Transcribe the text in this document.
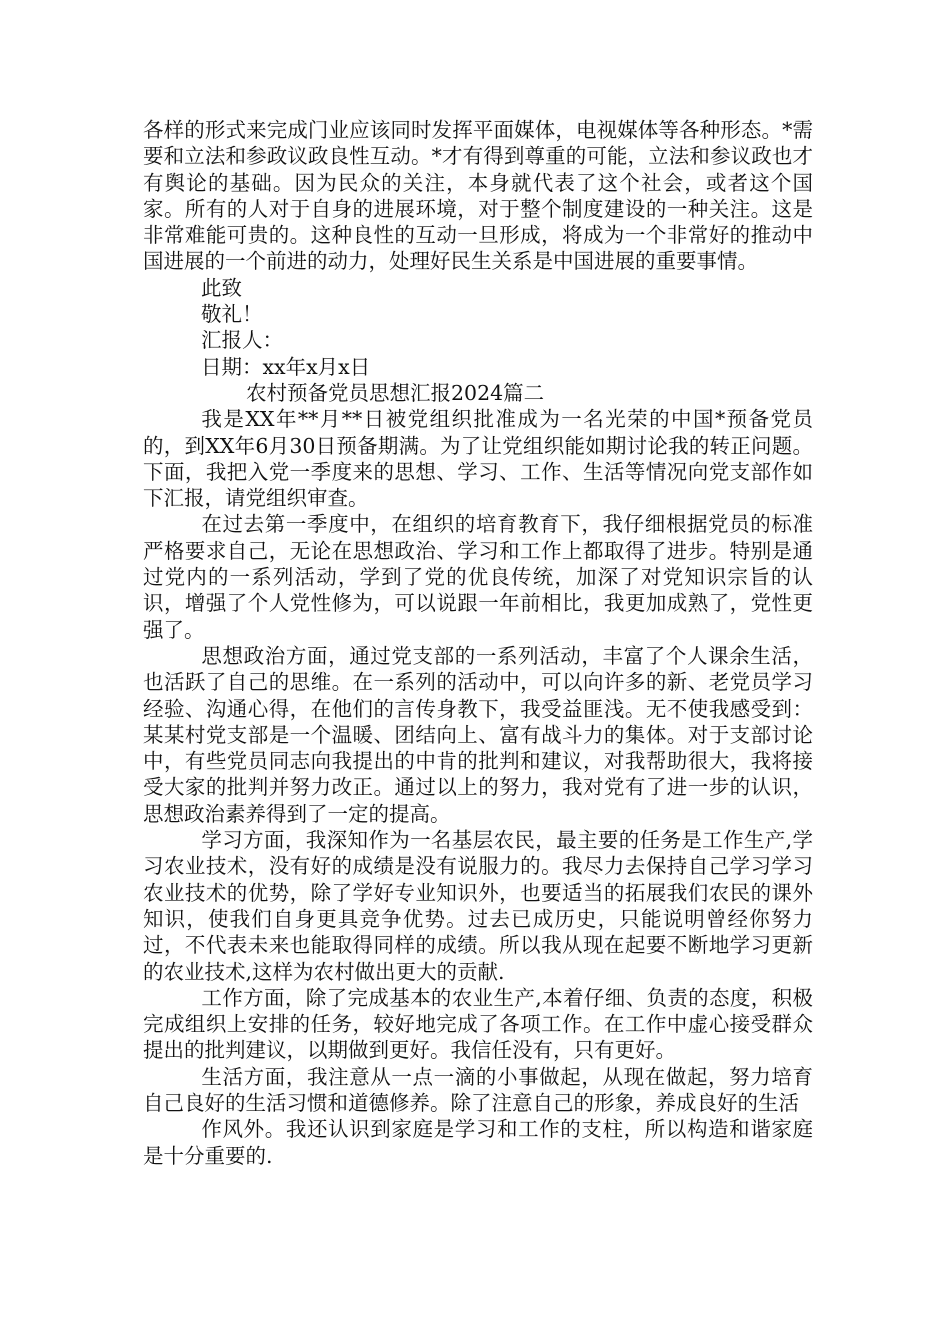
各样的形式来完成门业应该同时发挥平面媒体，电视媒体等各种形态。*需要和立法和参政议政良性互动。*才有得到尊重的可能，立法和参议政也才有舆论的基础。因为民众的关注，本身就代表了这个社会，或者这个国家。所有的人对于自身的进展环境，对于整个制度建设的一种关注。这是非常难能可贵的。这种良性的互动一旦形成，将成为一个非常好的推动中国进展的一个前进的动力，处理好民生关系是中国进展的重要事情。

此致

敬礼！

汇报人：

日期：xx年x月x日

农村预备党员思想汇报2024篇二

我是XX年**月**日被党组织批准成为一名光荣的中国*预备党员的，到XX年6月30日预备期满。为了让党组织能如期讨论我的转正问题。下面，我把入党一季度来的思想、学习、工作、生活等情况向党支部作如下汇报，请党组织审查。

在过去第一季度中，在组织的培育教育下，我仔细根据党员的标准严格要求自己，无论在思想政治、学习和工作上都取得了进步。特别是通过党内的一系列活动，学到了党的优良传统，加深了对党知识宗旨的认识，增强了个人党性修为，可以说跟一年前相比，我更加成熟了，党性更强了。

思想政治方面，通过党支部的一系列活动，丰富了个人课余生活，也活跃了自己的思维。在一系列的活动中，可以向许多的新、老党员学习经验、沟通心得，在他们的言传身教下，我受益匪浅。无不使我感受到：某某村党支部是一个温暖、团结向上、富有战斗力的集体。对于支部讨论中，有些党员同志向我提出的中肯的批判和建议，对我帮助很大，我将接受大家的批判并努力改正。通过以上的努力，我对党有了进一步的认识，思想政治素养得到了一定的提高。

学习方面，我深知作为一名基层农民，最主要的任务是工作生产,学习农业技术，没有好的成绩是没有说服力的。我尽力去保持自己学习学习农业技术的优势，除了学好专业知识外，也要适当的拓展我们农民的课外知识，使我们自身更具竞争优势。过去已成历史，只能说明曾经你努力过，不代表未来也能取得同样的成绩。所以我从现在起要不断地学习更新的农业技术,这样为农村做出更大的贡献.

工作方面，除了完成基本的农业生产,本着仔细、负责的态度，积极完成组织上安排的任务，较好地完成了各项工作。在工作中虚心接受群众提出的批判建议，以期做到更好。我信任没有，只有更好。

生活方面，我注意从一点一滴的小事做起，从现在做起，努力培育自己良好的生活习惯和道德修养。除了注意自己的形象，养成良好的生活

作风外。我还认识到家庭是学习和工作的支柱，所以构造和谐家庭是十分重要的.
